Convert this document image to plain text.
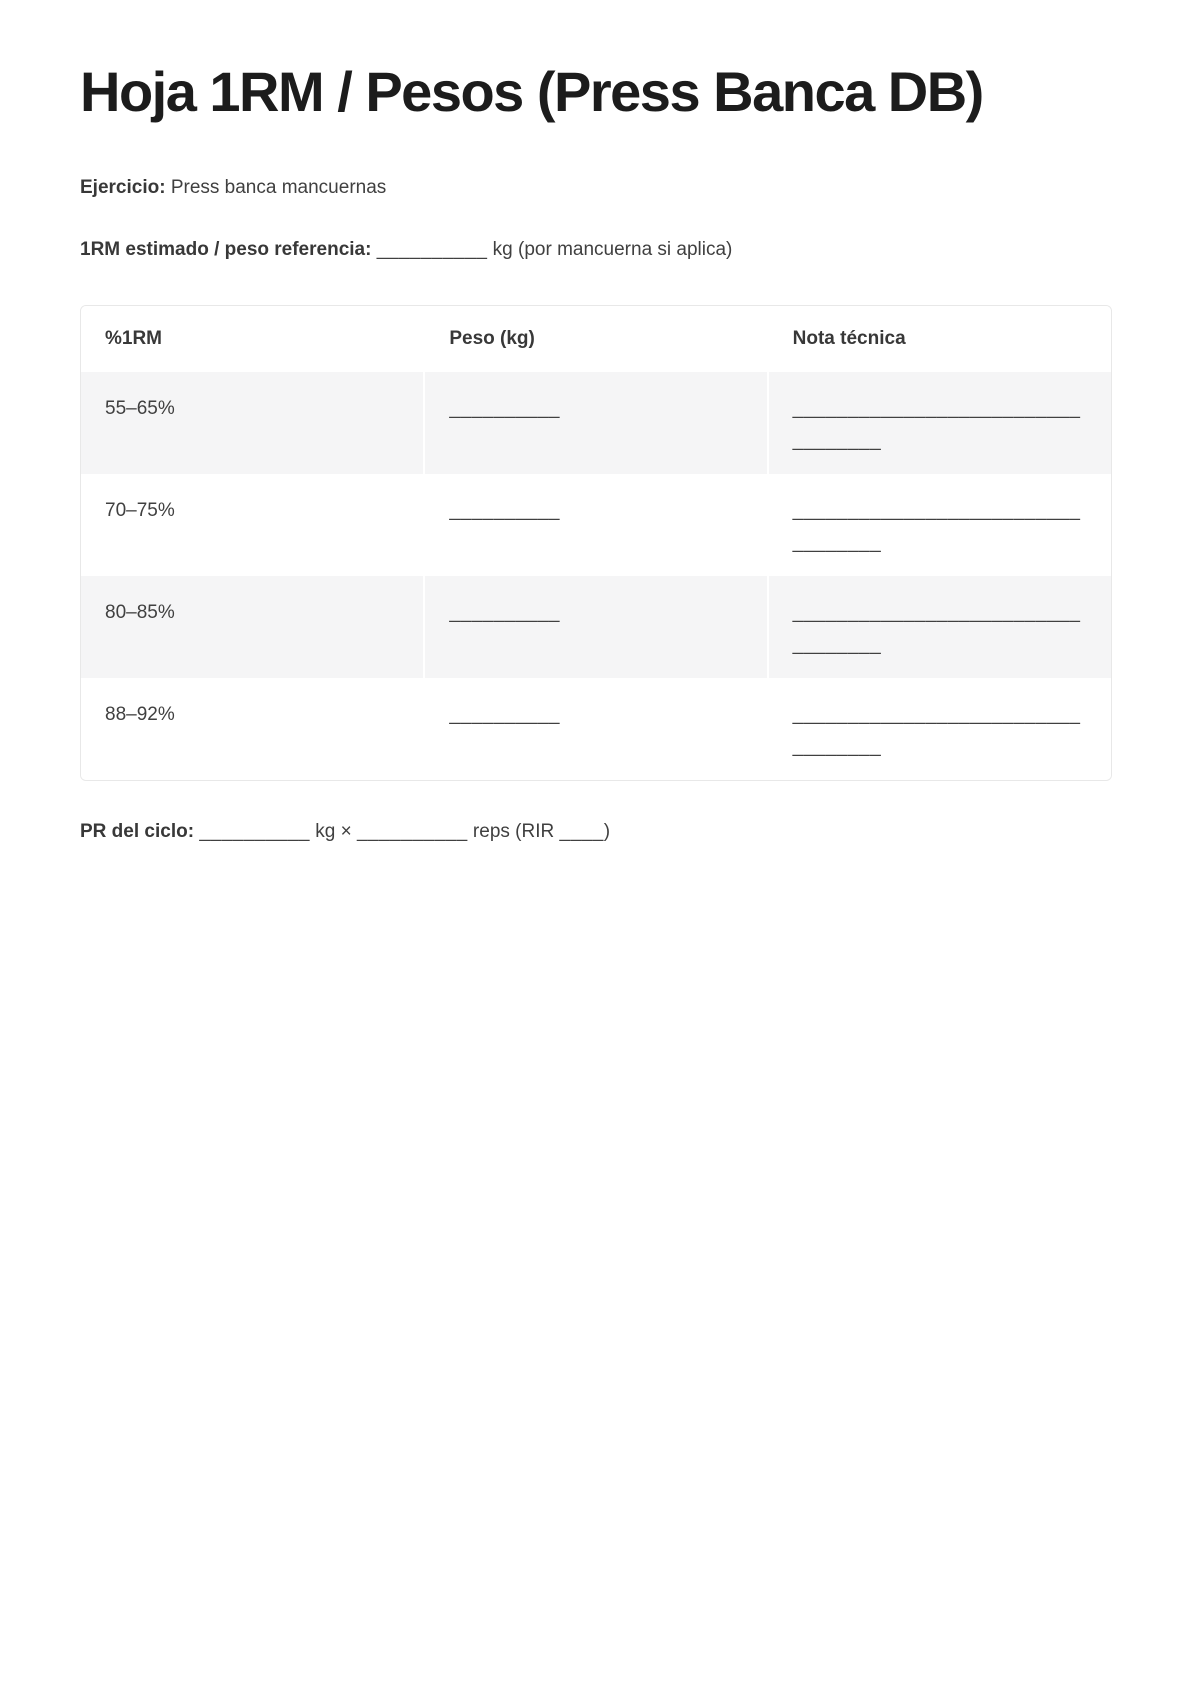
Hoja 1RM / Pesos (Press Banca DB)

Ejercicio: Press banca mancuernas

1RM estimado / peso referencia: __________ kg (por mancuerna si aplica)

%1RM	Peso (kg)	Nota técnica
55–65%	__________	__________________________________

70–75%	__________	__________________________________

80–85%	__________	__________________________________

88–92%	__________	__________________________________

PR del ciclo: __________ kg × __________ reps (RIR ____)
